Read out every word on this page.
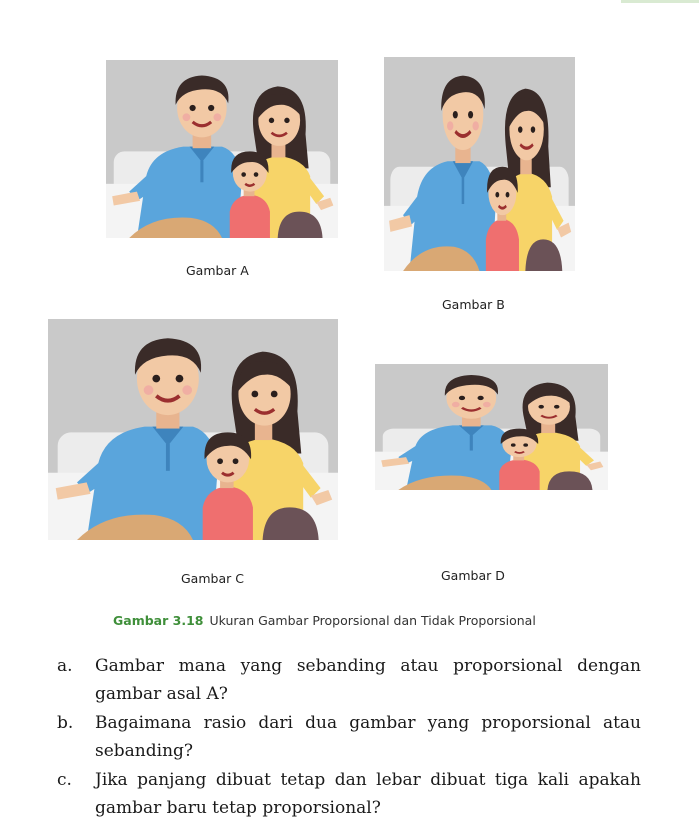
Gambar A
Gambar B
Gambar C	Gambar D
Gambar 3.18 Ukuran Gambar Proporsional dan Tidak Proporsional
a. Gambar mana yang sebanding atau proporsional dengan gambar asal A?
b. Bagaimana rasio dari dua gambar yang proporsional atau sebanding?
c. Jika panjang dibuat tetap dan lebar dibuat tiga kali apakah gambar baru tetap proporsional?
